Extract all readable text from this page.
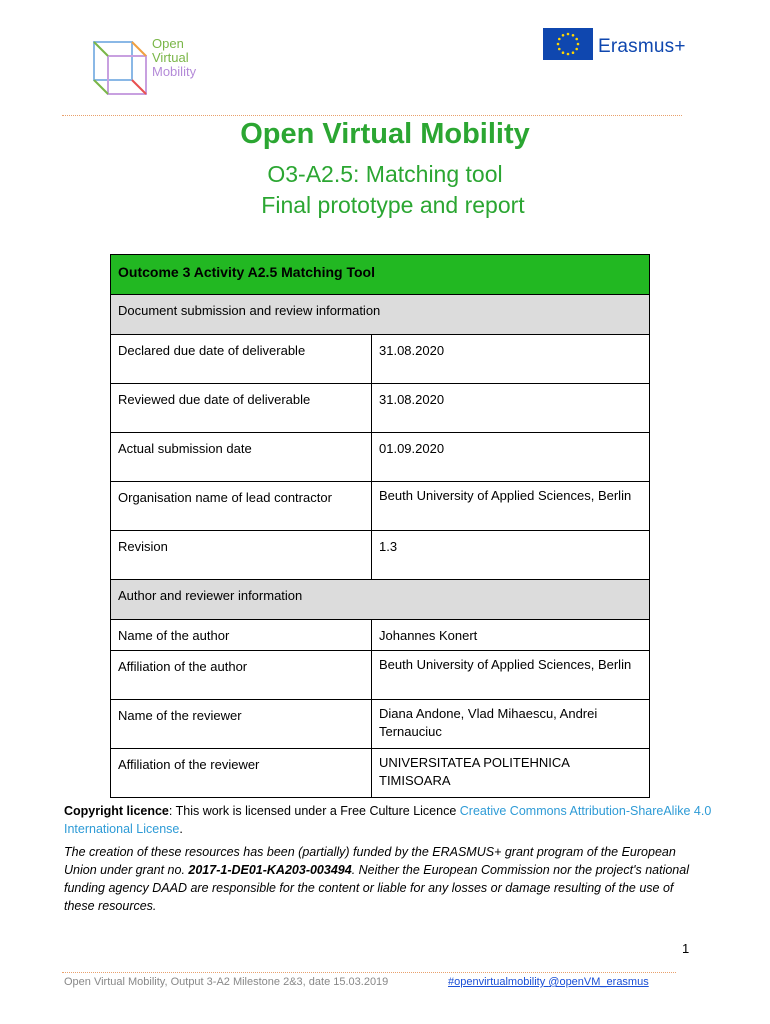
Open
Virtual
Mobility
Erasmus+
Open Virtual Mobility
O3-A2.5: Matching tool
Final prototype and report
Outcome 3 Activity A2.5 Matching Tool	
Document submission and review information	
Declared due date of deliverable	31.08.2020
Reviewed due date of deliverable	31.08.2020
Actual submission date	01.09.2020
Organisation name of lead contractor	Beuth University of Applied Sciences, Berlin
Revision	1.3
Author and reviewer information	
Name of the author	Johannes Konert
Affiliation of the author	Beuth University of Applied Sciences, Berlin
Name of the reviewer	Diana Andone, Vlad Mihaescu, Andrei Ternauciuc
Affiliation of the reviewer	UNIVERSITATEA POLITEHNICA TIMISOARA
Copyright licence: This work is licensed under a Free Culture Licence Creative Commons Attribution-ShareAlike 4.0 International License.
The creation of these resources has been (partially) funded by the ERASMUS+ grant program of the European Union under grant no. 2017-1-DE01-KA203-003494. Neither the European Commission nor the project's national funding agency DAAD are responsible for the content or liable for any losses or damage resulting of the use of these resources.
1
Open Virtual Mobility, Output 3-A2 Milestone 2&3, date 15.03.2019	#openvirtualmobility @openVM_erasmus
